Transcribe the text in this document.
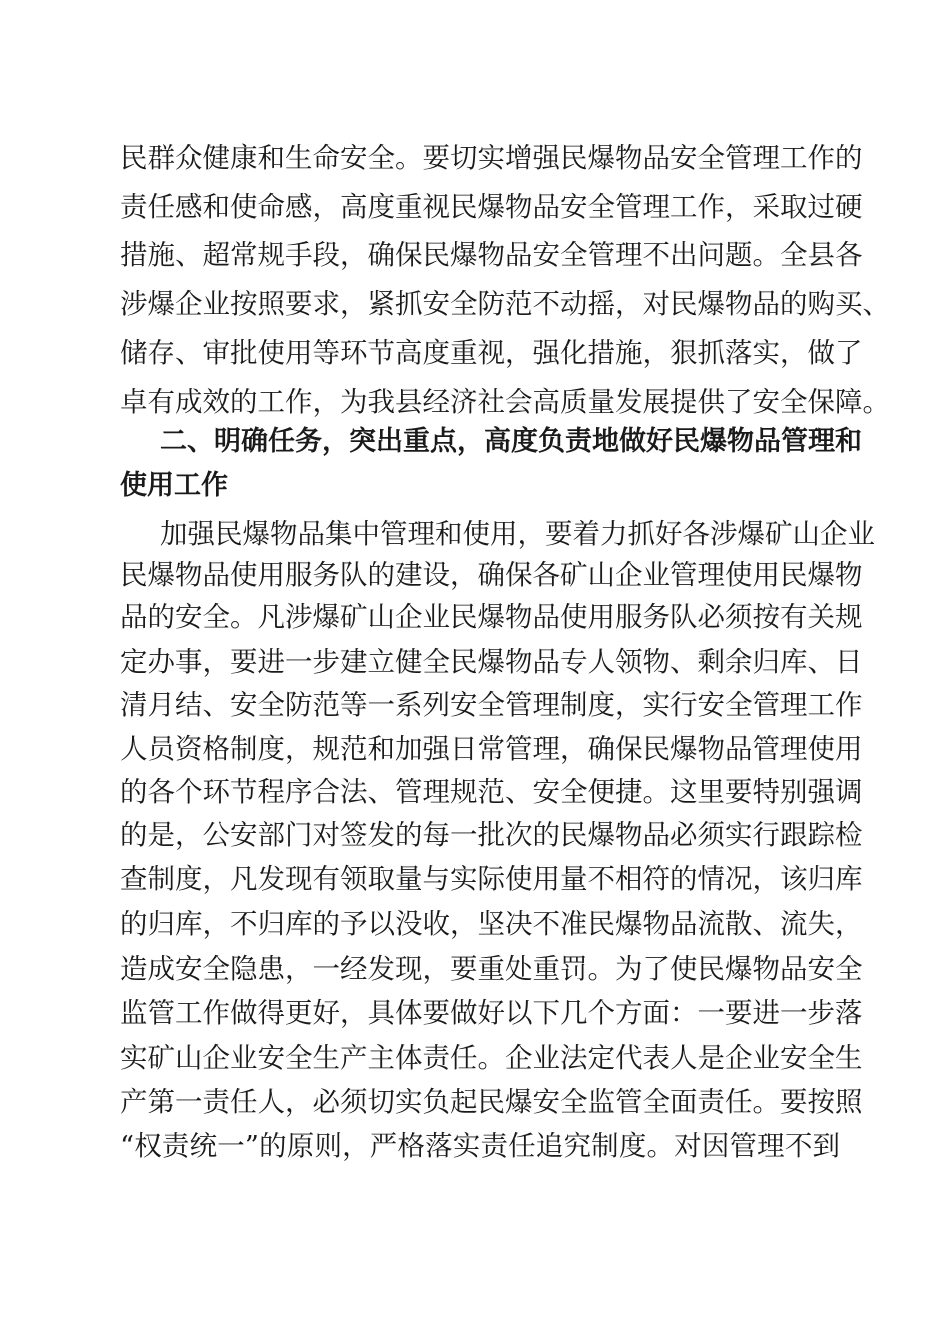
民群众健康和生命安全。要切实增强民爆物品安全管理工作的
责任感和使命感，高度重视民爆物品安全管理工作，采取过硬
措施、超常规手段，确保民爆物品安全管理不出问题。全县各
涉爆企业按照要求，紧抓安全防范不动摇，对民爆物品的购买、
储存、审批使用等环节高度重视，强化措施，狠抓落实，做了
卓有成效的工作，为我县经济社会高质量发展提供了安全保障。
二、明确任务，突出重点，高度负责地做好民爆物品管理和
使用工作
加强民爆物品集中管理和使用，要着力抓好各涉爆矿山企业
民爆物品使用服务队的建设，确保各矿山企业管理使用民爆物
品的安全。凡涉爆矿山企业民爆物品使用服务队必须按有关规
定办事，要进一步建立健全民爆物品专人领物、剩余归库、日
清月结、安全防范等一系列安全管理制度，实行安全管理工作
人员资格制度，规范和加强日常管理，确保民爆物品管理使用
的各个环节程序合法、管理规范、安全便捷。这里要特别强调
的是，公安部门对签发的每一批次的民爆物品必须实行跟踪检
查制度，凡发现有领取量与实际使用量不相符的情况，该归库
的归库，不归库的予以没收，坚决不准民爆物品流散、流失，
造成安全隐患，一经发现，要重处重罚。为了使民爆物品安全
监管工作做得更好，具体要做好以下几个方面：一要进一步落
实矿山企业安全生产主体责任。企业法定代表人是企业安全生
产第一责任人，必须切实负起民爆安全监管全面责任。要按照
“权责统一”的原则，严格落实责任追究制度。对因管理不到
